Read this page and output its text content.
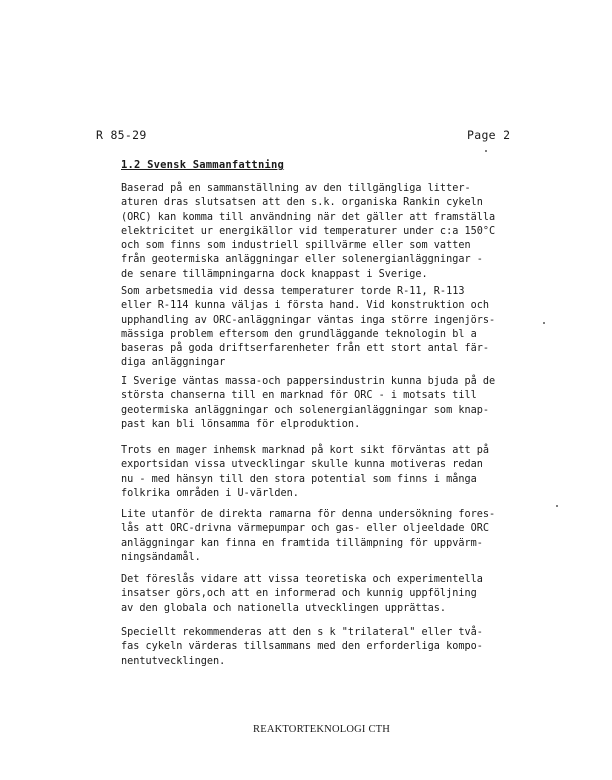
R 85-29	Page 2
1.2 Svensk Sammanfattning

Baserad på en sammanställning av den tillgängliga litter-
aturen dras slutsatsen att den s.k. organiska Rankin cykeln
(ORC) kan komma till användning när det gäller att framställa
elektricitet ur energikällor vid temperaturer under c:a 150°C
och som finns som industriell spillvärme eller som vatten
från geotermiska anläggningar eller solenergianläggningar -
de senare tillämpningarna dock knappast i Sverige.

Som arbetsmedia vid dessa temperaturer torde R-11, R-113
eller R-114 kunna väljas i första hand. Vid konstruktion och
upphandling av ORC-anläggningar väntas inga större ingenjörs-
mässiga problem eftersom den grundläggande teknologin bl a
baseras på goda driftserfarenheter från ett stort antal fär-
diga anläggningar

I Sverige väntas massa-och pappersindustrin kunna bjuda på de
största chanserna till en marknad för ORC - i motsats till
geotermiska anläggningar och solenergianläggningar som knap-
past kan bli lönsamma för elproduktion.

Trots en mager inhemsk marknad på kort sikt förväntas att på
exportsidan vissa utvecklingar skulle kunna motiveras redan
nu - med hänsyn till den stora potential som finns i många
folkrika områden i U-världen.

Lite utanför de direkta ramarna för denna undersökning fores-
lås att ORC-drivna värmepumpar och gas- eller oljeeldade ORC
anläggningar kan finna en framtida tillämpning för uppvärm-
ningsändamål.

Det föreslås vidare att vissa teoretiska och experimentella
insatser görs,och att en informerad och kunnig uppföljning
av den globala och nationella utvecklingen upprättas.

Speciellt rekommenderas att den s k "trilateral" eller två-
fas cykeln värderas tillsammans med den erforderliga kompo-
nentutvecklingen.

REAKTORTEKNOLOGI CTH
